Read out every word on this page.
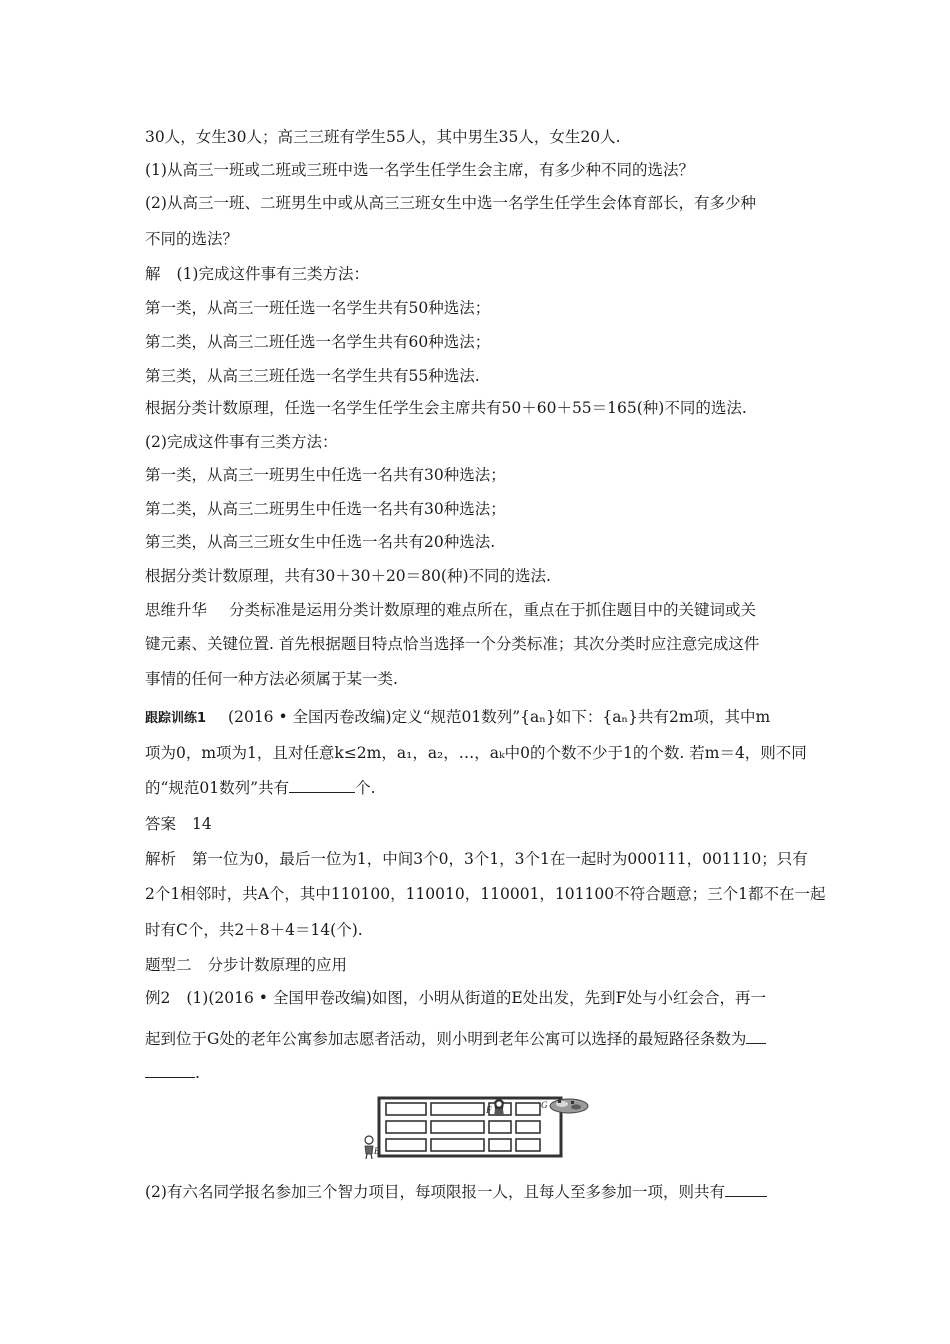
30人，女生30人；高三三班有学生55人，其中男生35人，女生20人.
(1)从高三一班或二班或三班中选一名学生任学生会主席，有多少种不同的选法？
(2)从高三一班、二班男生中或从高三三班女生中选一名学生任学生会体育部长，有多少种
不同的选法？
解 (1)完成这件事有三类方法：
第一类，从高三一班任选一名学生共有50种选法；
第二类，从高三二班任选一名学生共有60种选法；
第三类，从高三三班任选一名学生共有55种选法.
根据分类计数原理，任选一名学生任学生会主席共有50＋60＋55＝165(种)不同的选法.
(2)完成这件事有三类方法：
第一类，从高三一班男生中任选一名共有30种选法；
第二类，从高三二班男生中任选一名共有30种选法；
第三类，从高三三班女生中任选一名共有20种选法.
根据分类计数原理，共有30＋30＋20＝80(种)不同的选法.
思维升华 分类标准是运用分类计数原理的难点所在，重点在于抓住题目中的关键词或关
键元素、关键位置. 首先根据题目特点恰当选择一个分类标准；其次分类时应注意完成这件
事情的任何一种方法必须属于某一类.
跟踪训练1 (2016 • 全国丙卷改编)定义“规范01数列”{aₙ}如下：{aₙ}共有2m项，其中m
项为0，m项为1，且对任意k≤2m，a₁，a₂，…，aₖ中0的个数不少于1的个数. 若m＝4，则不同
的“规范01数列”共有	个.
答案 14
解析 第一位为0，最后一位为1，中间3个0，3个1，3个1在一起时为000111，001110；只有
2个1相邻时，共A个，其中110100，110010，110001，101100不符合题意；三个1都不在一起
时有C个，共2＋8＋4＝14(个).
题型二 分步计数原理的应用
例2 (1)(2016 • 全国甲卷改编)如图，小明从街道的E处出发，先到F处与小红会合，再一
起到位于G处的老年公寓参加志愿者活动，则小明到老年公寓可以选择的最短路径条数为
.
E
F	G
(2)有六名同学报名参加三个智力项目，每项限报一人，且每人至多参加一项，则共有
